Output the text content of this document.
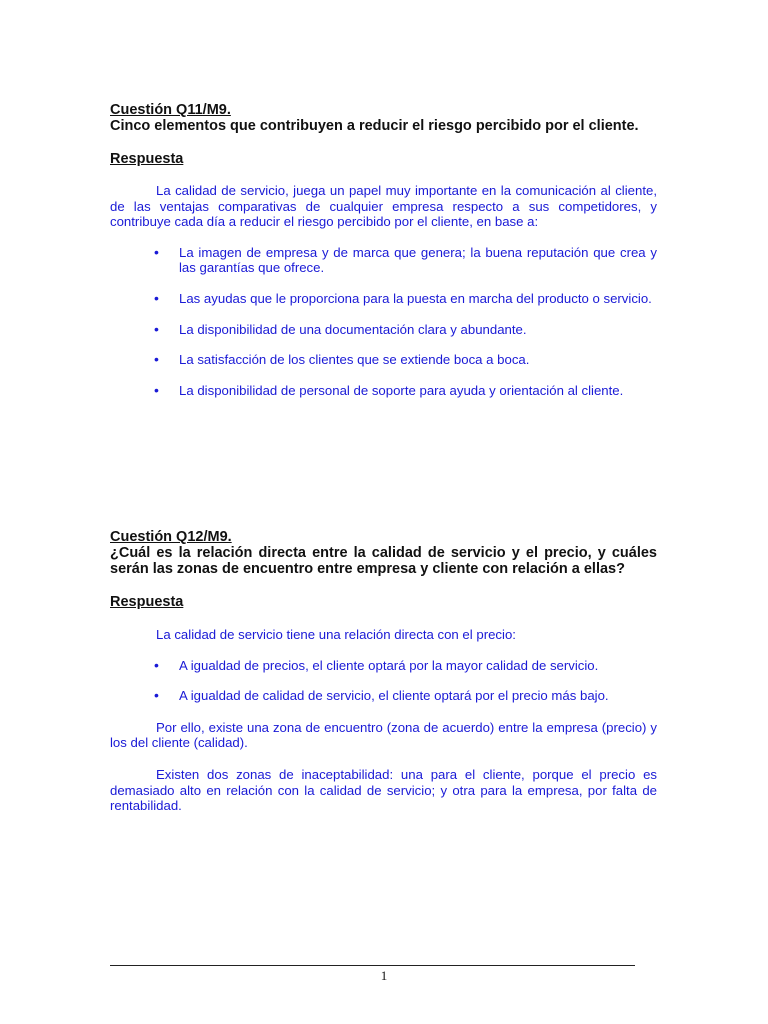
Cuestión Q11/M9.
Cinco elementos que contribuyen a reducir el riesgo percibido por el cliente.
Respuesta
La calidad de servicio, juega un papel muy importante en la comunicación al cliente, de las ventajas comparativas de cualquier empresa respecto a sus competidores, y contribuye cada día a reducir el riesgo percibido por el cliente, en base a:
• La imagen de empresa y de marca que genera; la buena reputación que crea y las garantías que ofrece.
• Las ayudas que le proporciona para la puesta en marcha del producto o servicio.
• La disponibilidad de una documentación clara y abundante.
• La satisfacción de los clientes que se extiende boca a boca.
• La disponibilidad de personal de soporte para ayuda y orientación al cliente.
Cuestión Q12/M9.
¿Cuál es la relación directa entre la calidad de servicio y el precio, y cuáles serán las zonas de encuentro entre empresa y cliente con relación a ellas?
Respuesta
La calidad de servicio tiene una relación directa con el precio:
• A igualdad de precios, el cliente optará por la mayor calidad de servicio.
• A igualdad de calidad de servicio, el cliente optará por el precio más bajo.
Por ello, existe una zona de encuentro (zona de acuerdo) entre la empresa (precio) y los del cliente (calidad).
Existen dos zonas de inaceptabilidad: una para el cliente, porque el precio es demasiado alto en relación con la calidad de servicio; y otra para la empresa, por falta de rentabilidad.
1
